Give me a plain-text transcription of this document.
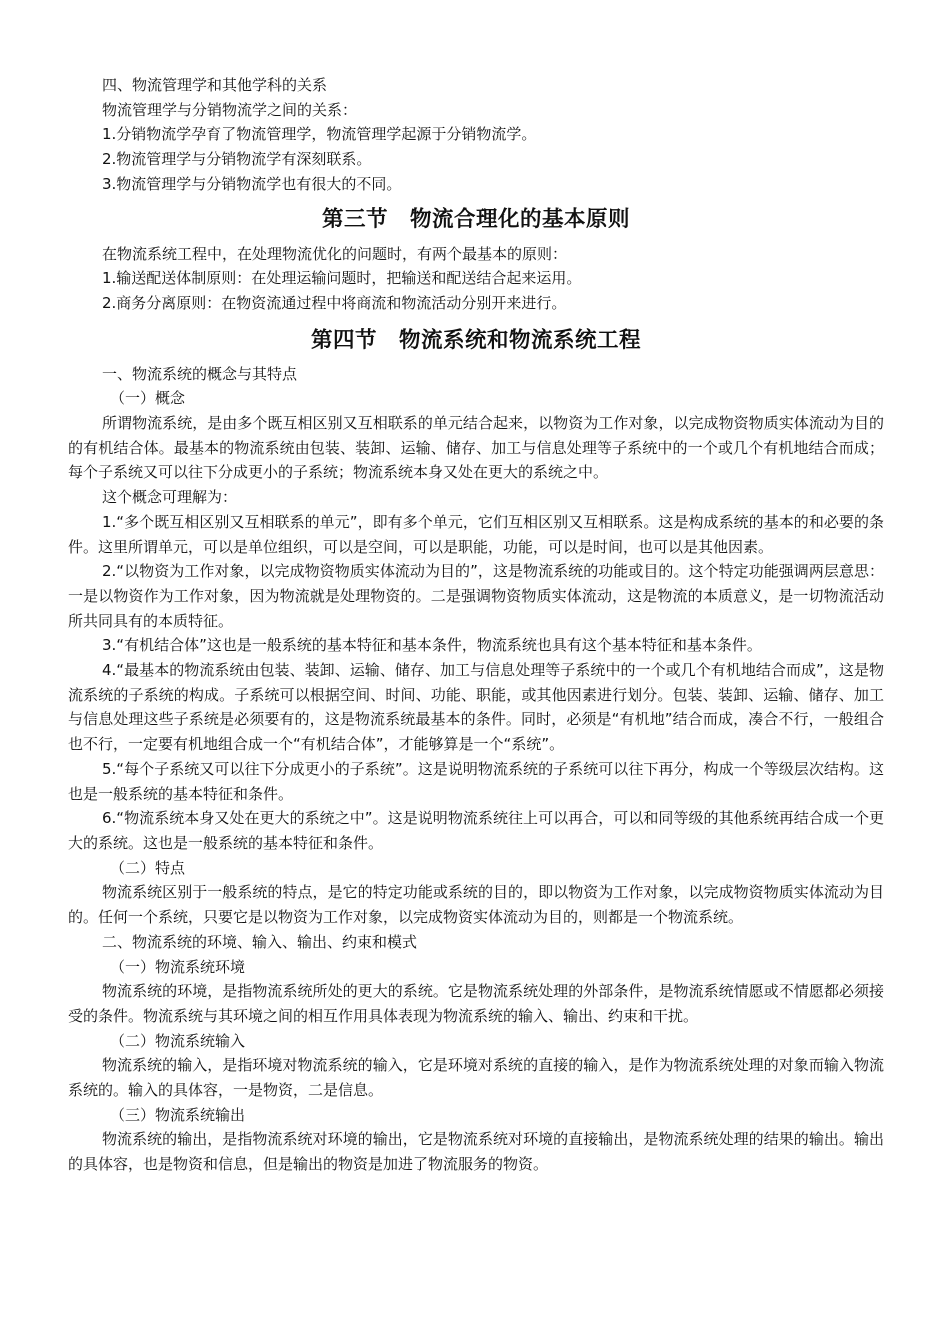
四、物流管理学和其他学科的关系

物流管理学与分销物流学之间的关系：

1.分销物流学孕育了物流管理学，物流管理学起源于分销物流学。

2.物流管理学与分销物流学有深刻联系。

3.物流管理学与分销物流学也有很大的不同。

第三节　物流合理化的基本原则

在物流系统工程中，在处理物流优化的问题时，有两个最基本的原则：

1.输送配送体制原则：在处理运输问题时，把输送和配送结合起来运用。

2.商务分离原则：在物资流通过程中将商流和物流活动分别开来进行。

第四节　物流系统和物流系统工程

一、物流系统的概念与其特点

（一）概念

所谓物流系统，是由多个既互相区别又互相联系的单元结合起来，以物资为工作对象，以完成物资物质实体流动为目的的有机结合体。最基本的物流系统由包装、装卸、运输、储存、加工与信息处理等子系统中的一个或几个有机地结合而成；每个子系统又可以往下分成更小的子系统；物流系统本身又处在更大的系统之中。

这个概念可理解为：

1.“多个既互相区别又互相联系的单元”，即有多个单元，它们互相区别又互相联系。这是构成系统的基本的和必要的条件。这里所谓单元，可以是单位组织，可以是空间，可以是职能，功能，可以是时间，也可以是其他因素。

2.“以物资为工作对象，以完成物资物质实体流动为目的”，这是物流系统的功能或目的。这个特定功能强调两层意思：一是以物资作为工作对象，因为物流就是处理物资的。二是强调物资物质实体流动，这是物流的本质意义，是一切物流活动所共同具有的本质特征。

3.“有机结合体”这也是一般系统的基本特征和基本条件，物流系统也具有这个基本特征和基本条件。

4.“最基本的物流系统由包装、装卸、运输、储存、加工与信息处理等子系统中的一个或几个有机地结合而成”，这是物流系统的子系统的构成。子系统可以根据空间、时间、功能、职能，或其他因素进行划分。包装、装卸、运输、储存、加工与信息处理这些子系统是必须要有的，这是物流系统最基本的条件。同时，必须是“有机地”结合而成，凑合不行，一般组合也不行，一定要有机地组合成一个“有机结合体”，才能够算是一个“系统”。

5.“每个子系统又可以往下分成更小的子系统”。这是说明物流系统的子系统可以往下再分，构成一个等级层次结构。这也是一般系统的基本特征和条件。

6.“物流系统本身又处在更大的系统之中”。这是说明物流系统往上可以再合，可以和同等级的其他系统再结合成一个更大的系统。这也是一般系统的基本特征和条件。

（二）特点

物流系统区别于一般系统的特点，是它的特定功能或系统的目的，即以物资为工作对象，以完成物资物质实体流动为目的。任何一个系统，只要它是以物资为工作对象，以完成物资实体流动为目的，则都是一个物流系统。

二、物流系统的环境、输入、输出、约束和模式

（一）物流系统环境

物流系统的环境，是指物流系统所处的更大的系统。它是物流系统处理的外部条件，是物流系统情愿或不情愿都必须接受的条件。物流系统与其环境之间的相互作用具体表现为物流系统的输入、输出、约束和干扰。

（二）物流系统输入

物流系统的输入，是指环境对物流系统的输入，它是环境对系统的直接的输入，是作为物流系统处理的对象而输入物流系统的。输入的具体容，一是物资，二是信息。

（三）物流系统输出

物流系统的输出，是指物流系统对环境的输出，它是物流系统对环境的直接输出，是物流系统处理的结果的输出。输出的具体容，也是物资和信息，但是输出的物资是加进了物流服务的物资。
